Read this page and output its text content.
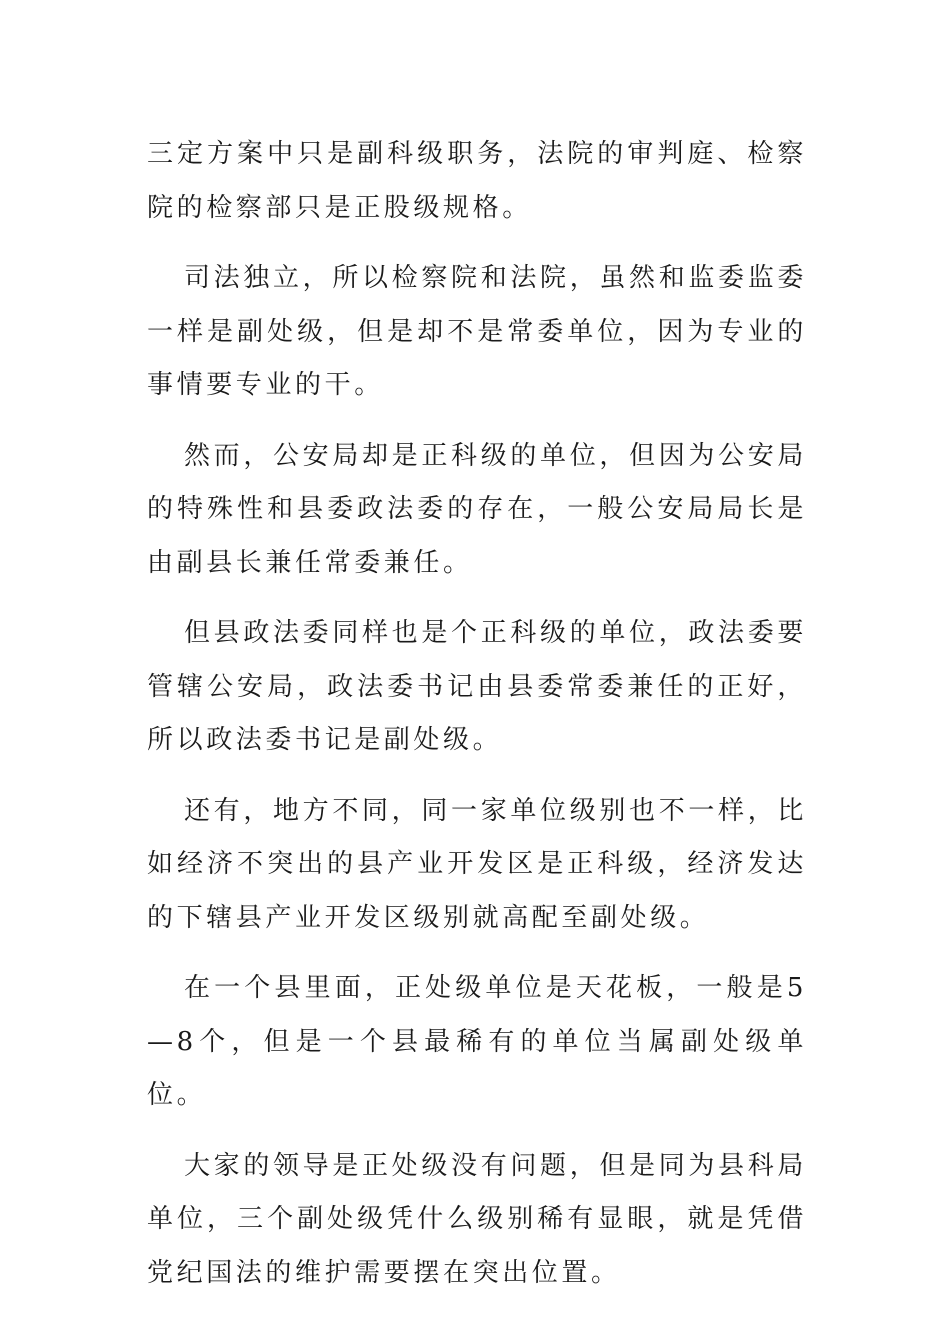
三定方案中只是副科级职务，法院的审判庭、检察院的检察部只是正股级规格。

司法独立，所以检察院和法院，虽然和监委监委一样是副处级，但是却不是常委单位，因为专业的事情要专业的干。

然而，公安局却是正科级的单位，但因为公安局的特殊性和县委政法委的存在，一般公安局局长是由副县长兼任常委兼任。

但县政法委同样也是个正科级的单位，政法委要管辖公安局，政法委书记由县委常委兼任的正好，所以政法委书记是副处级。

还有，地方不同，同一家单位级别也不一样，比如经济不突出的县产业开发区是正科级，经济发达的下辖县产业开发区级别就高配至副处级。

在一个县里面，正处级单位是天花板，一般是5—8个，但是一个县最稀有的单位当属副处级单位。

大家的领导是正处级没有问题，但是同为县科局单位，三个副处级凭什么级别稀有显眼，就是凭借党纪国法的维护需要摆在突出位置。
